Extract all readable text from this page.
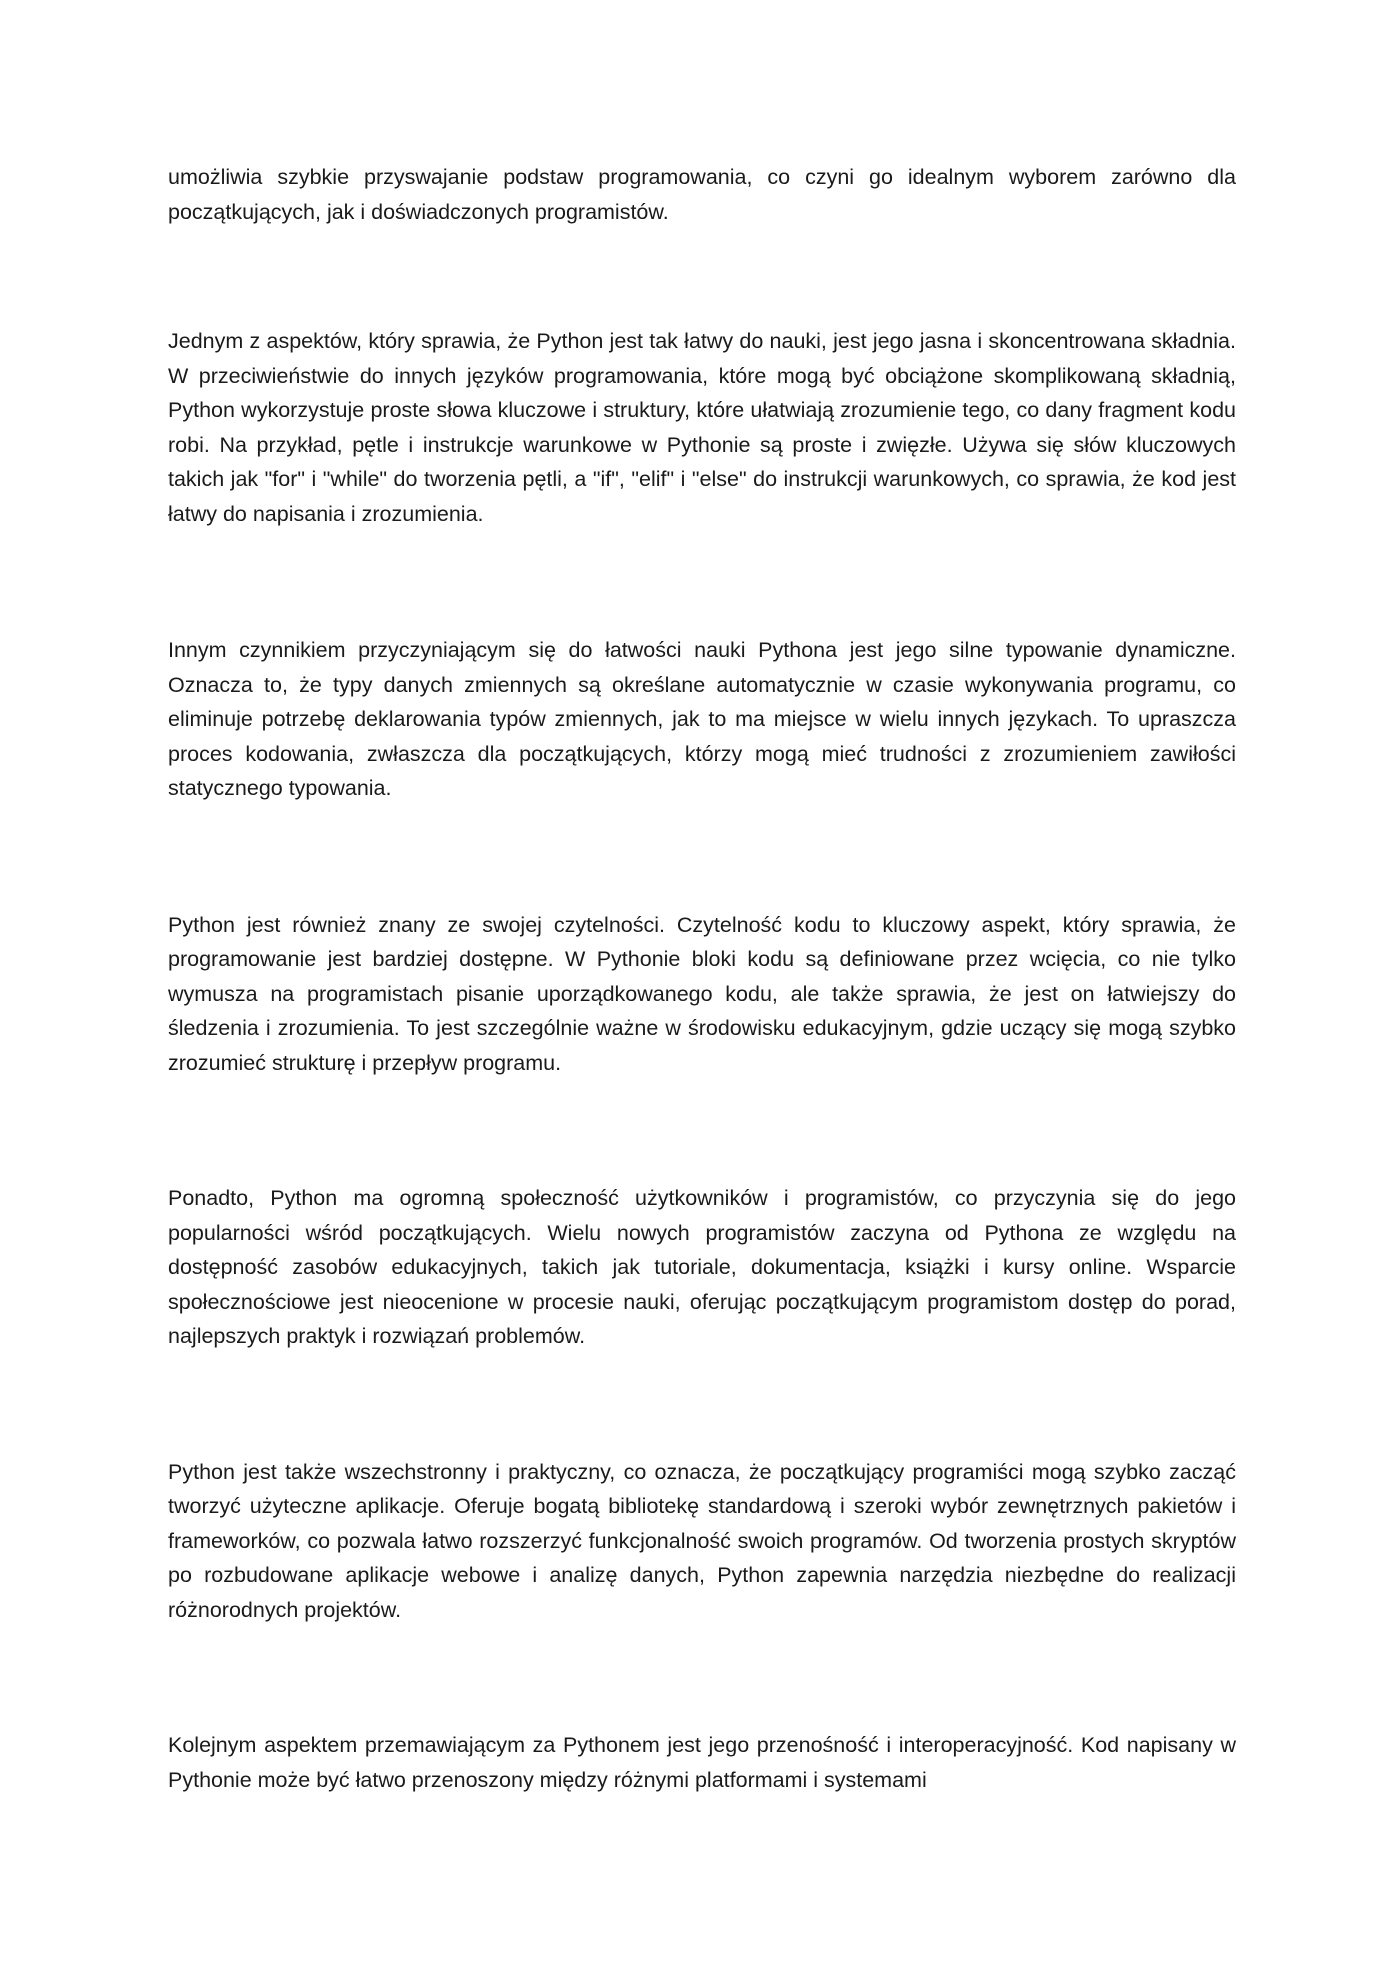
umożliwia szybkie przyswajanie podstaw programowania, co czyni go idealnym wyborem zarówno dla początkujących, jak i doświadczonych programistów.

Jednym z aspektów, który sprawia, że Python jest tak łatwy do nauki, jest jego jasna i skoncentrowana składnia. W przeciwieństwie do innych języków programowania, które mogą być obciążone skomplikowaną składnią, Python wykorzystuje proste słowa kluczowe i struktury, które ułatwiają zrozumienie tego, co dany fragment kodu robi. Na przykład, pętle i instrukcje warunkowe w Pythonie są proste i zwięzłe. Używa się słów kluczowych takich jak "for" i "while" do tworzenia pętli, a "if", "elif" i "else" do instrukcji warunkowych, co sprawia, że kod jest łatwy do napisania i zrozumienia.

Innym czynnikiem przyczyniającym się do łatwości nauki Pythona jest jego silne typowanie dynamiczne. Oznacza to, że typy danych zmiennych są określane automatycznie w czasie wykonywania programu, co eliminuje potrzebę deklarowania typów zmiennych, jak to ma miejsce w wielu innych językach. To upraszcza proces kodowania, zwłaszcza dla początkujących, którzy mogą mieć trudności z zrozumieniem zawiłości statycznego typowania.

Python jest również znany ze swojej czytelności. Czytelność kodu to kluczowy aspekt, który sprawia, że programowanie jest bardziej dostępne. W Pythonie bloki kodu są definiowane przez wcięcia, co nie tylko wymusza na programistach pisanie uporządkowanego kodu, ale także sprawia, że jest on łatwiejszy do śledzenia i zrozumienia. To jest szczególnie ważne w środowisku edukacyjnym, gdzie uczący się mogą szybko zrozumieć strukturę i przepływ programu.

Ponadto, Python ma ogromną społeczność użytkowników i programistów, co przyczynia się do jego popularności wśród początkujących. Wielu nowych programistów zaczyna od Pythona ze względu na dostępność zasobów edukacyjnych, takich jak tutoriale, dokumentacja, książki i kursy online. Wsparcie społecznościowe jest nieocenione w procesie nauki, oferując początkującym programistom dostęp do porad, najlepszych praktyk i rozwiązań problemów.

Python jest także wszechstronny i praktyczny, co oznacza, że początkujący programiści mogą szybko zacząć tworzyć użyteczne aplikacje. Oferuje bogatą bibliotekę standardową i szeroki wybór zewnętrznych pakietów i frameworków, co pozwala łatwo rozszerzyć funkcjonalność swoich programów. Od tworzenia prostych skryptów po rozbudowane aplikacje webowe i analizę danych, Python zapewnia narzędzia niezbędne do realizacji różnorodnych projektów.

Kolejnym aspektem przemawiającym za Pythonem jest jego przenośność i interoperacyjność. Kod napisany w Pythonie może być łatwo przenoszony między różnymi platformami i systemami
